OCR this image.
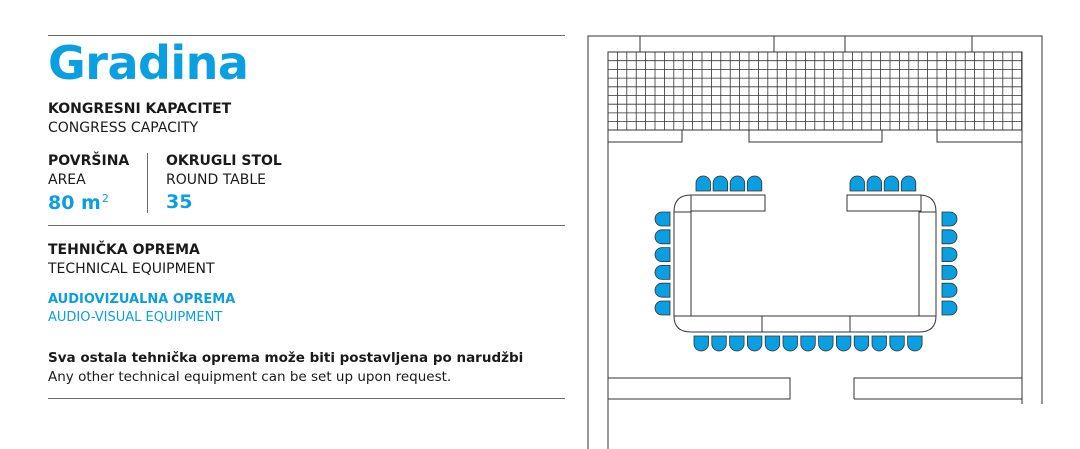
Gradina
KONGRESNI KAPACITET
CONGRESS CAPACITY
POVRŠINA
AREA
80 $m^2$
OKRUGLI STOL
ROUND TABLE
35
TEHNIČKA OPREMA
TECHNICAL EQUIPMENT
AUDIOVIZUALNA OPREMA
AUDIO-VISUAL EQUIPMENT
Sva ostala tehnička oprema može biti postavljena po narudžbi
Any other technical equipment can be set up upon request.
